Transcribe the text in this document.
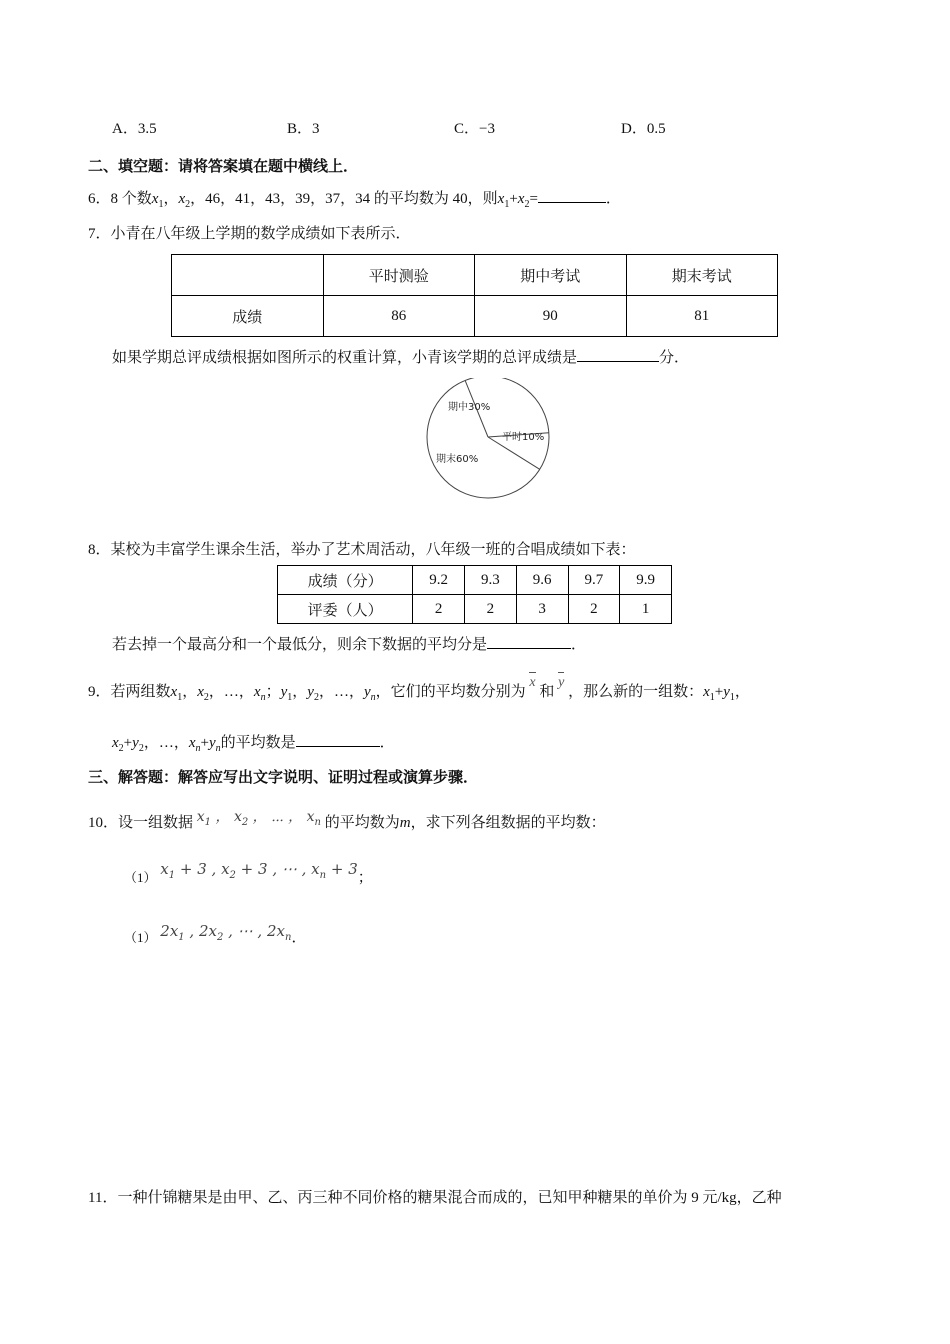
A．3.5	B．3	C．−3	D．0.5
二、填空题：请将答案填在题中横线上．
6．8 个数$x_1$，$x_2$，46，41，43，39，37，34 的平均数为 40，则$x_1+x_2=$	．
7．小青在八年级上学期的数学成绩如下表所示．
	平时测验	期中考试	期末考试
成绩	86	90	81
如果学期总评成绩根据如图所示的权重计算，小青该学期的总评成绩是	分．
期中30%
平时10%
期末60%
8．某校为丰富学生课余生活，举办了艺术周活动，八年级一班的合唱成绩如下表：
成绩（分）	9.2	9.3	9.6	9.7	9.9
评委（人）	2	2	3	2	1
若去掉一个最高分和一个最低分，则余下数据的平均分是	．
9．若两组数$x_1$，$x_2$，…，$x_n$；$y_1$，$y_2$，…，$y_n$，它们的平均数分别为 x 和 y ，那么新的一组数：$x_1+y_1$，
$x_2+y_2$，…，$x_n+y_n$的平均数是	．
三、解答题：解答应写出文字说明、证明过程或演算步骤．
10．设一组数据 $x_1$ ， $x_2$ ， ⋯ ， $x_n$ 的平均数为m，求下列各组数据的平均数：
（1） $x_1 + 3$ , $x_2 + 3$ , ⋯ , $x_n + 3$；
（1） $2x_1$ , $2x_2$ , ⋯ , $2x_n$．
11．一种什锦糖果是由甲、乙、丙三种不同价格的糖果混合而成的，已知甲种糖果的单价为 9 元/kg，乙种
